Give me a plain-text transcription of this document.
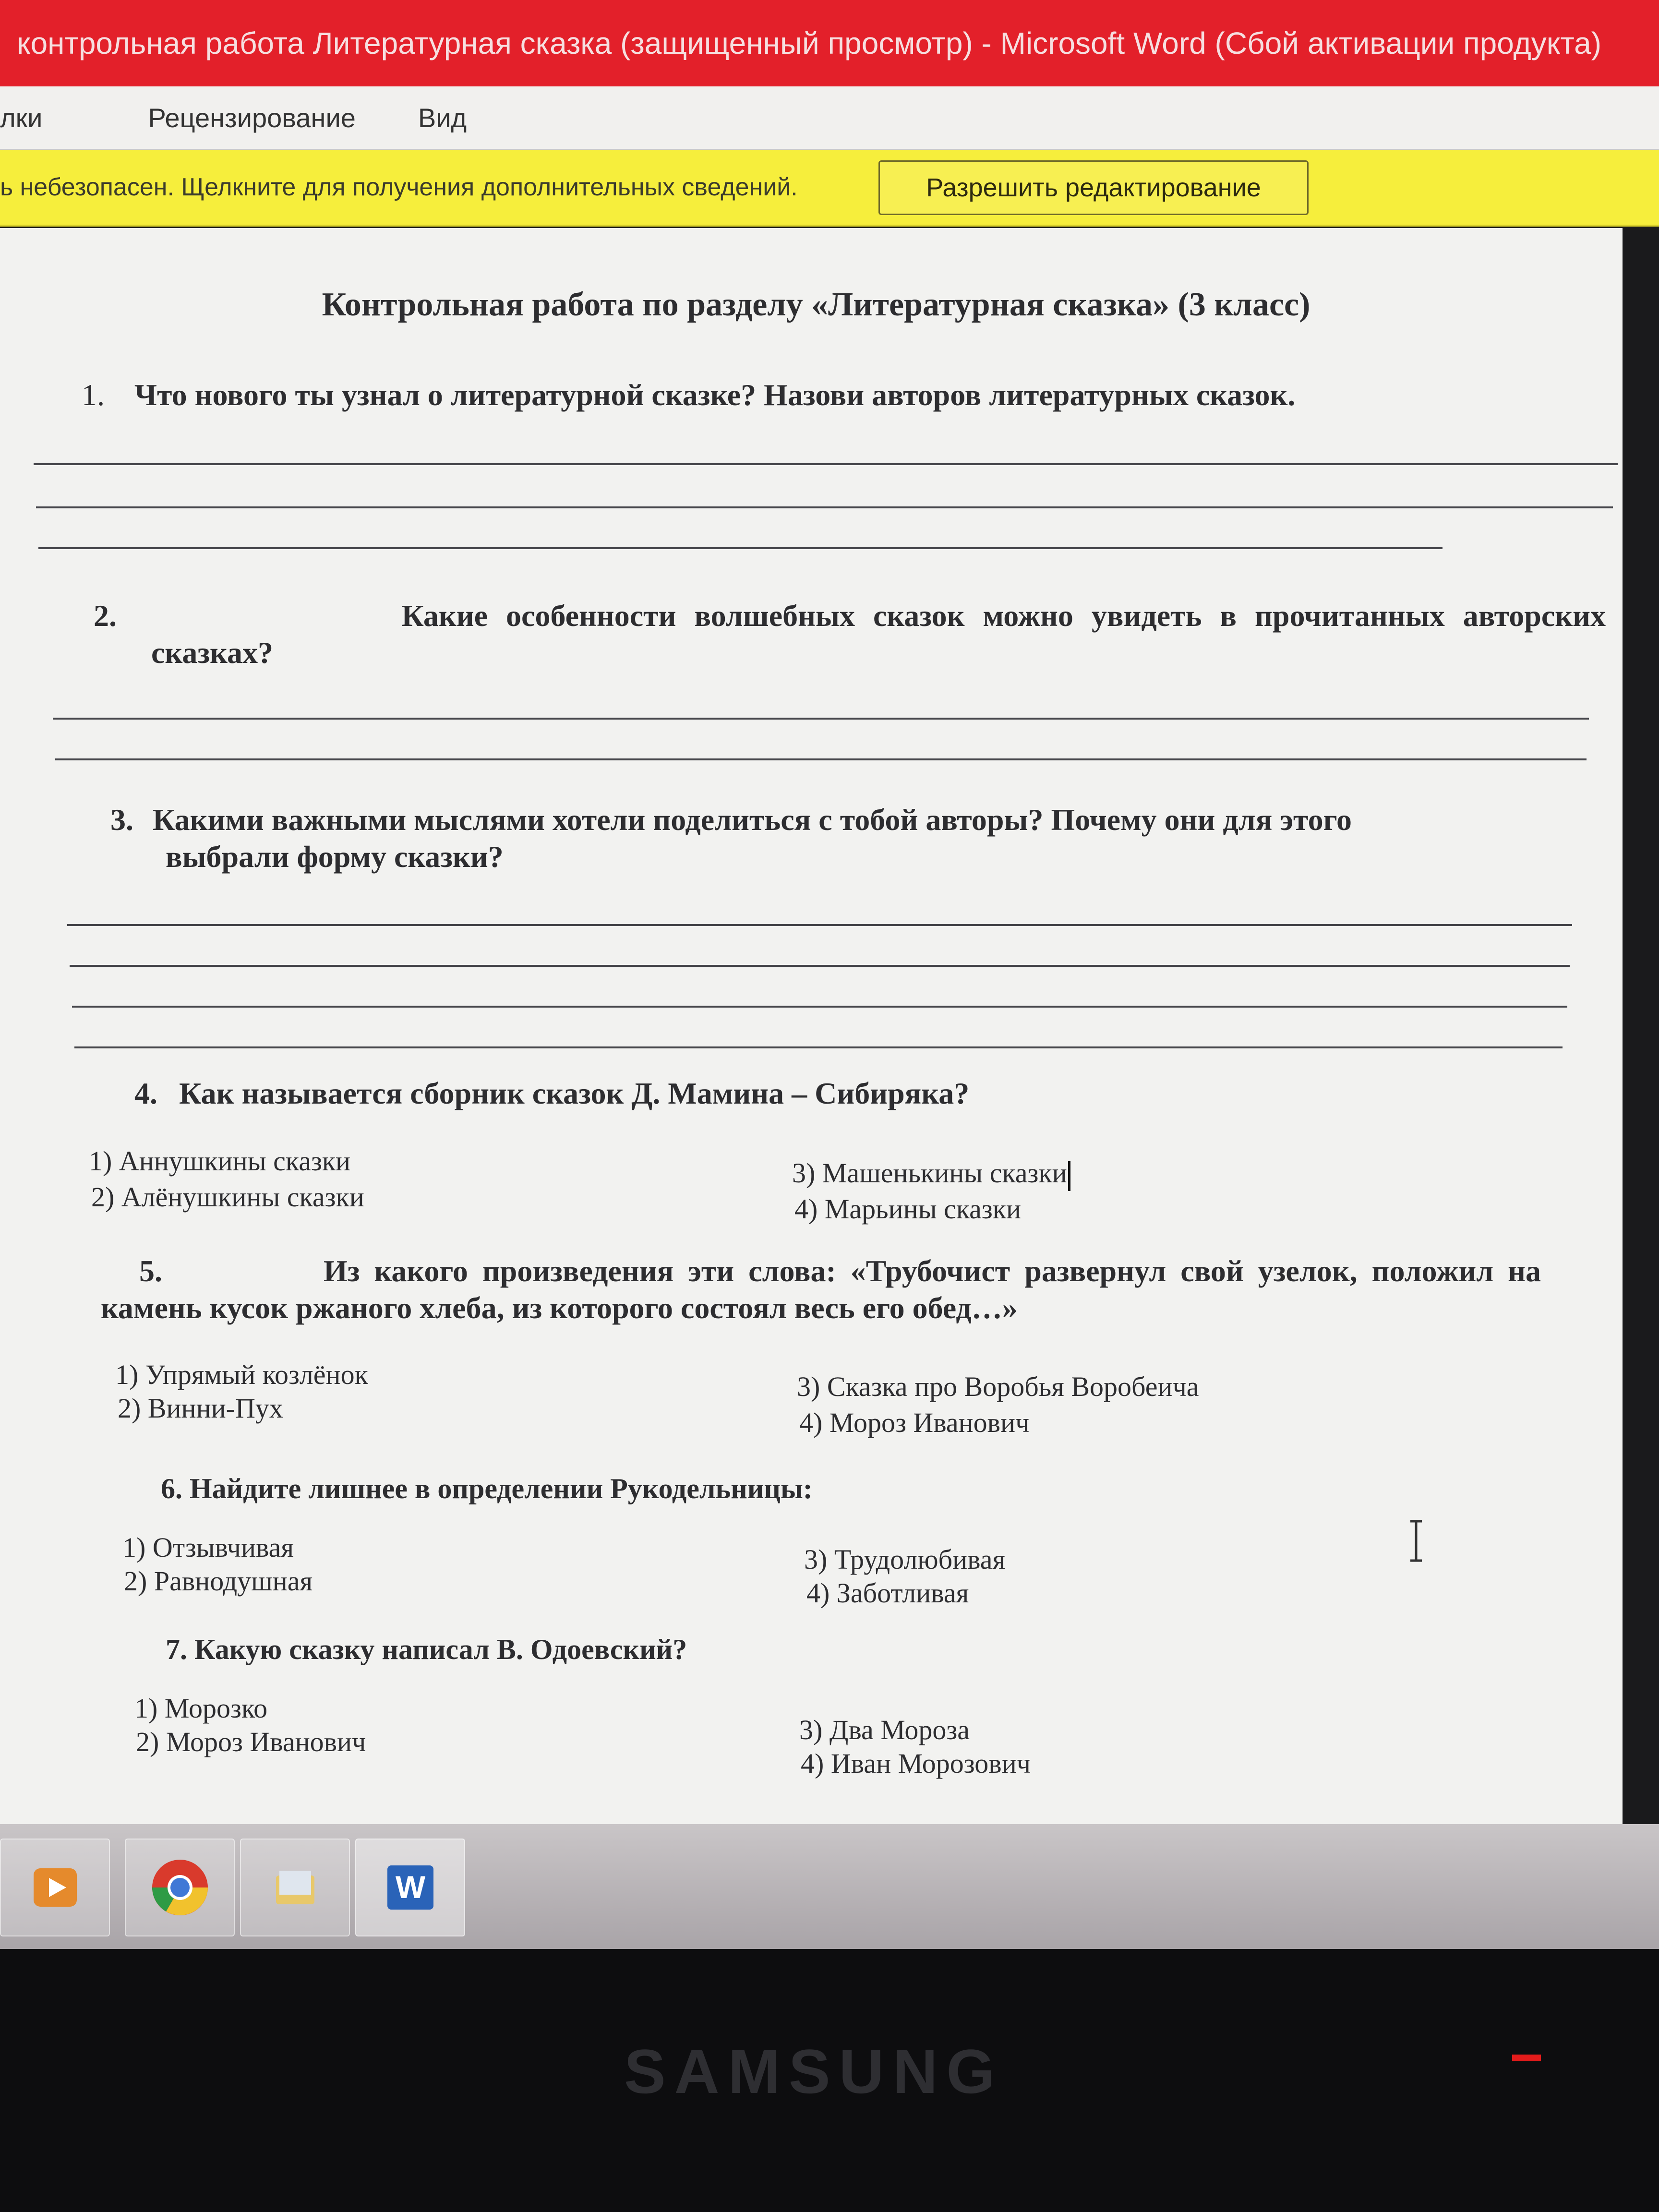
контрольная работа Литературная сказка (защищенный просмотр) - Microsoft Word (Сбой активации продукта)
лки	Рецензирование Вид
ь небезопасен. Щелкните для получения дополнительных сведений.	Разрешить редактирование
Контрольная работа по разделу «Литературная сказка» (3 класс)
1. Что нового ты узнал о литературной сказке? Назови авторов литературных сказок.
2.	Какие особенности волшебных сказок можно увидеть в прочитанных авторских
сказках?
3. Какими важными мыслями хотели поделиться с тобой авторы? Почему они для этого
выбрали форму сказки?
4. Как называется сборник сказок Д. Мамина – Сибиряка?
1) Аннушкины сказки
2) Алёнушкины сказки
3) Машенькины сказки
4) Марьины сказки
5.	Из какого произведения эти слова: «Трубочист развернул свой узелок, положил на
камень кусок ржаного хлеба, из которого состоял весь его обед…»
1) Упрямый козлёнок
2) Винни-Пух
3) Сказка про Воробья Воробеича
4) Мороз Иванович
6. Найдите лишнее в определении Рукодельницы:
1) Отзывчивая
2) Равнодушная
3) Трудолюбивая
4) Заботливая
7. Какую сказку написал В. Одоевский?
1) Морозко
2) Мороз Иванович	3) Два Мороза
4) Иван Морозович
W
SAMSUNG
